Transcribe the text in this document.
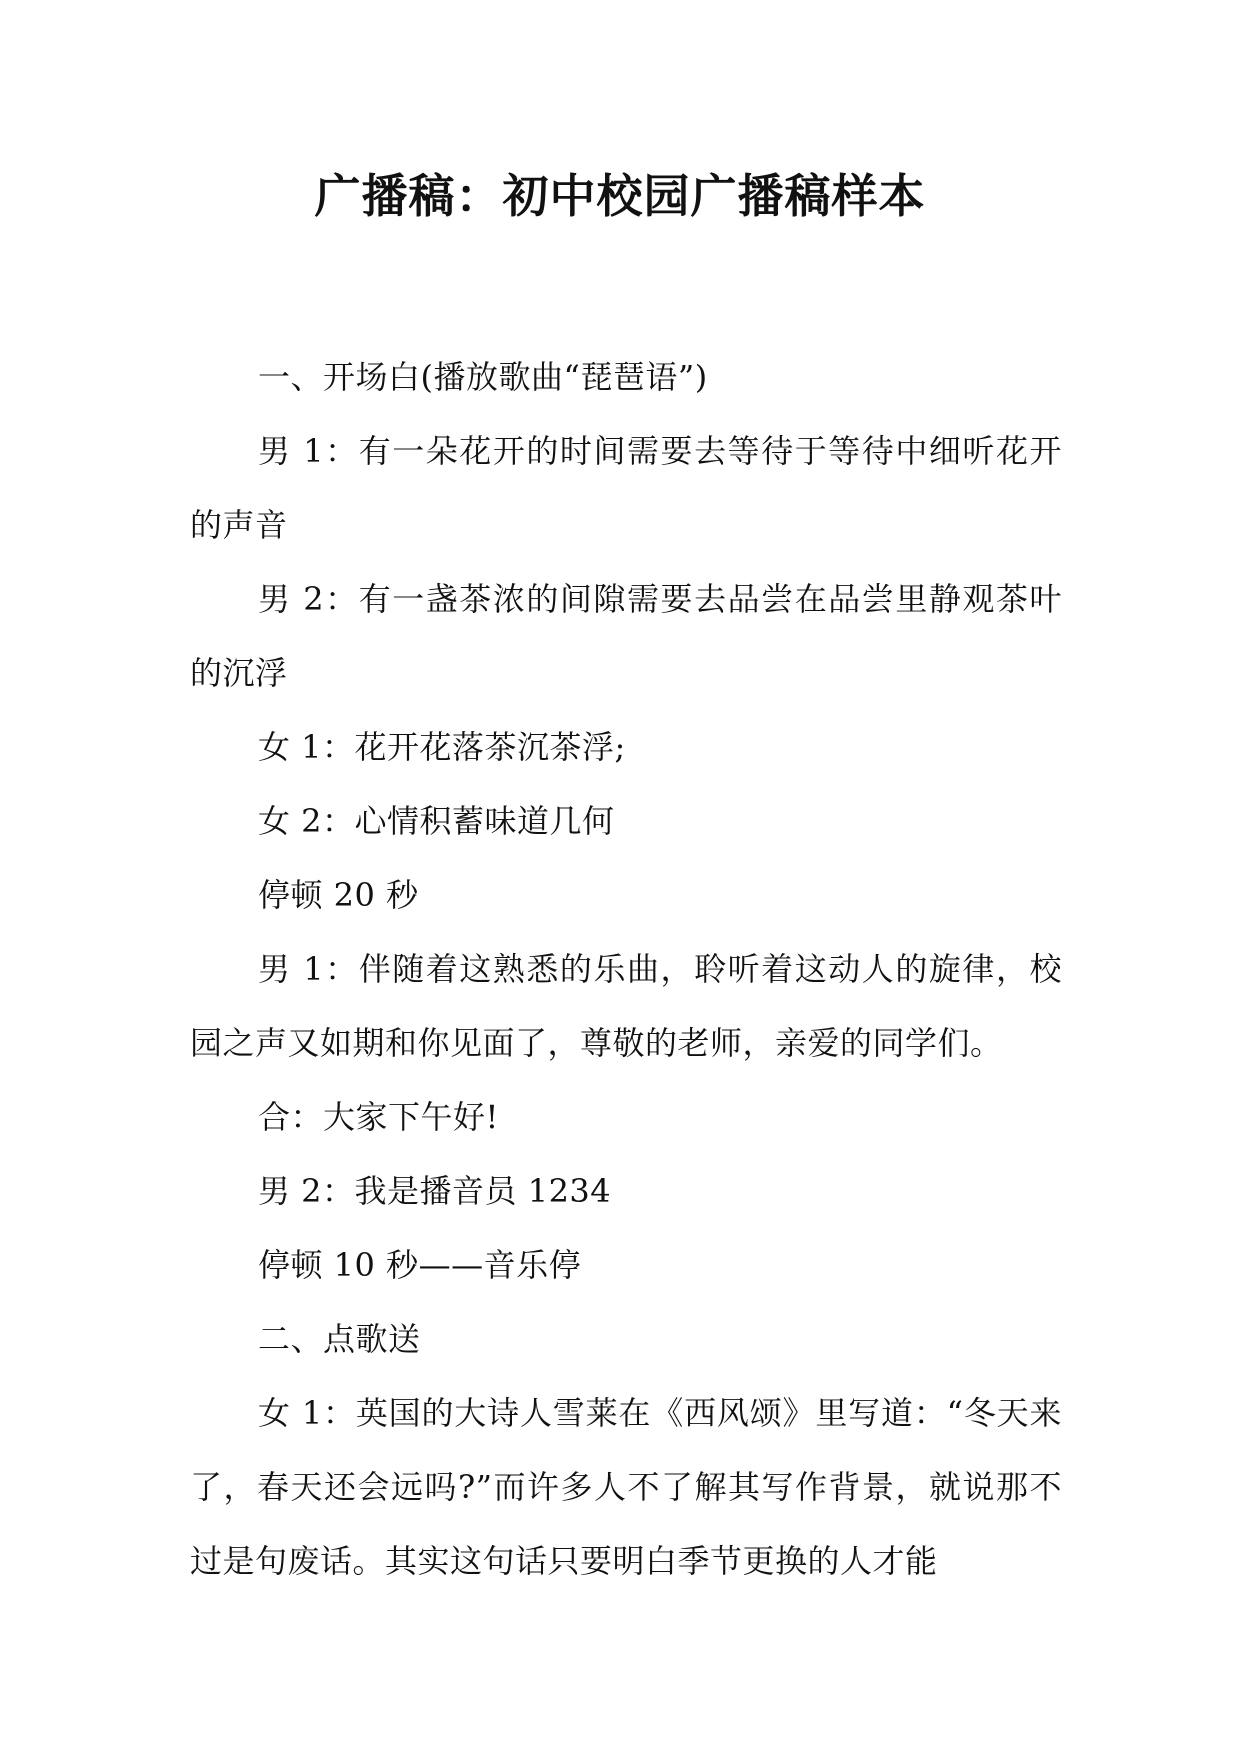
广播稿：初中校园广播稿样本

一、开场白(播放歌曲“琵琶语”)

男 1：有一朵花开的时间需要去等待于等待中细听花开的声音

男 2：有一盏茶浓的间隙需要去品尝在品尝里静观茶叶的沉浮

女 1：花开花落茶沉茶浮;

女 2：心情积蓄味道几何

停顿 20 秒

男 1：伴随着这熟悉的乐曲，聆听着这动人的旋律，校园之声又如期和你见面了，尊敬的老师，亲爱的同学们。

合：大家下午好!

男 2：我是播音员 1234

停顿 10 秒——音乐停

二、点歌送

女 1：英国的大诗人雪莱在《西风颂》里写道：“冬天来了，春天还会远吗?”而许多人不了解其写作背景，就说那不过是句废话。其实这句话只要明白季节更换的人才能
